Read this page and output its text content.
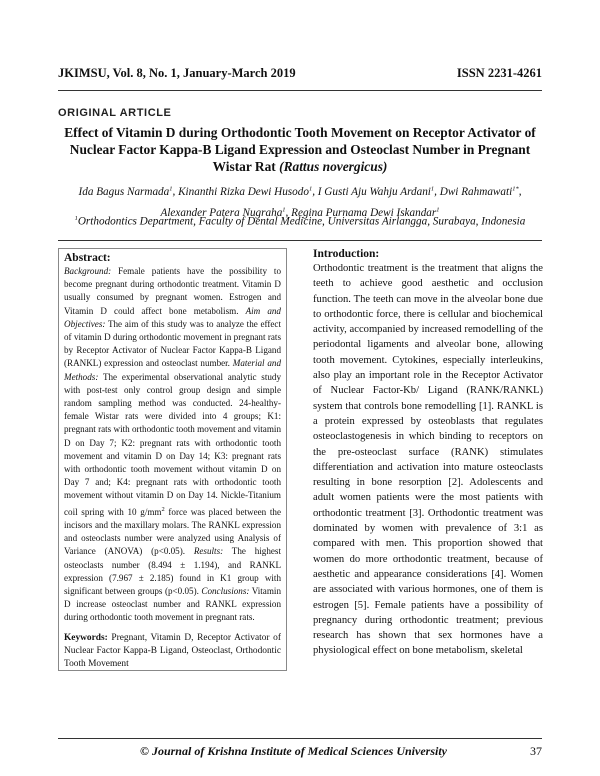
JKIMSU, Vol. 8, No. 1, January-March 2019	ISSN 2231-4261
ORIGINAL ARTICLE
Effect of Vitamin D during Orthodontic Tooth Movement on Receptor Activator of Nuclear Factor Kappa-B Ligand Expression and Osteoclast Number in Pregnant Wistar Rat (Rattus novergicus)
Ida Bagus Narmada$^1$, Kinanthi Rizka Dewi Husodo$^1$, I Gusti Aju Wahju Ardani$^1$, Dwi Rahmawati$^{1*}$,
Alexander Patera Nugraha$^1$, Regina Purnama Dewi Iskandar$^1$
$^1$Orthodontics Department, Faculty of Dental Medicine, Universitas Airlangga, Surabaya, Indonesia
Abstract:
Background: Female patients have the possibility to become pregnant during orthodontic treatment. Vitamin D usually consumed by pregnant women. Estrogen and Vitamin D could affect bone metabolism. Aim and Objectives: The aim of this study was to analyze the effect of vitamin D during orthodontic movement in pregnant rats by Receptor Activator of Nuclear Factor Kappa-B Ligand (RANKL) expression and osteoclast number. Material and Methods: The experimental observational analytic study with post-test only control group design and simple random sampling method was conducted. 24-healthy-female Wistar rats were divided into 4 groups; K1: pregnant rats with orthodontic tooth movement and vitamin D on Day 7; K2: pregnant rats with orthodontic tooth movement and vitamin D on Day 14; K3: pregnant rats with orthodontic tooth movement without vitamin D on Day 7 and; K4: pregnant rats with orthodontic tooth movement without vitamin D on Day 14. Nickle-Titanium coil spring with 10 $g/mm^2$ force was placed between the incisors and the maxillary molars. The RANKL expression and osteoclasts number were analyzed using Analysis of Variance (ANOVA) (p<0.05). Results: The highest osteoclasts number (8.494 ± 1.194), and RANKL expression (7.967 ± 2.185) found in K1 group with significant between groups (p<0.05). Conclusions: Vitamin D increase osteoclast number and RANKL expression during orthodontic tooth movement in pregnant rats.
Keywords: Pregnant, Vitamin D, Receptor Activator of Nuclear Factor Kappa-B Ligand, Osteoclast, Orthodontic Tooth Movement
Introduction:
Orthodontic treatment is the treatment that aligns the teeth to achieve good aesthetic and occlusion function. The teeth can move in the alveolar bone due to orthodontic force, there is cellular and biochemical activity, accompanied by increased remodelling of the periodontal ligaments and alveolar bone, allowing tooth movement. Cytokines, especially interleukins, also play an important role in the Receptor Activator of Nuclear Factor-Kb/ Ligand (RANK/RANKL) system that controls bone remodelling [1]. RANKL is a protein expressed by osteoblasts that regulates osteoclastogenesis in which binding to receptors on the pre-osteoclast surface (RANK) stimulates differentiation and activation into mature osteoclasts resulting in bone resorption [2]. Adolescents and adult women patients were the most patients with orthodontic treatment [3]. Orthodontic treatment was dominated by women with prevalence of 3:1 as compared with men. This proportion showed that women do more orthodontic treatment, because of aesthetic and appearance considerations [4]. Women are associated with various hormones, one of them is estrogen [5]. Female patients have a possibility of pregnancy during orthodontic treatment; previous research has shown that sex hormones have a physiological effect on bone metabolism, skeletal
© Journal of Krishna Institute of Medical Sciences University	37
